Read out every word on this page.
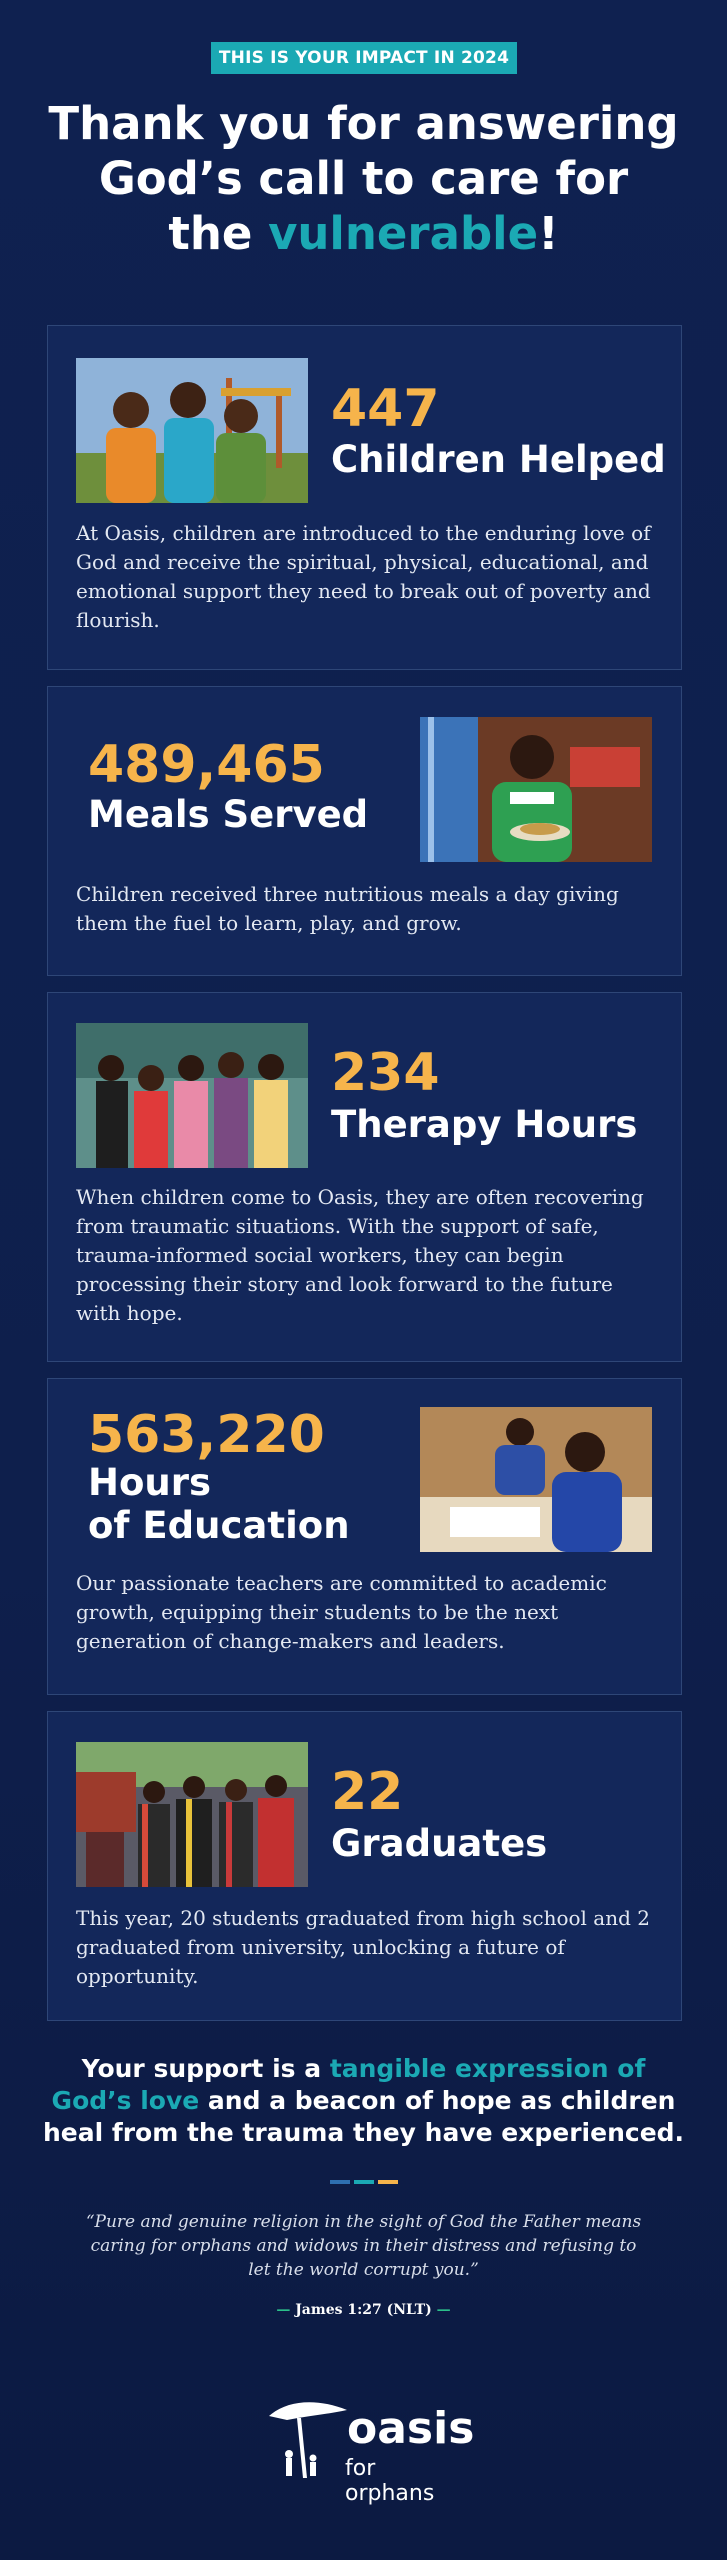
THIS IS YOUR IMPACT IN 2024
Thank you for answering
God’s call to care for
the vulnerable!
447
Children Helped

At Oasis, children are introduced to the enduring love of God and receive the spiritual, physical, educational, and emotional support they need to break out of poverty and flourish.

489,465
Meals Served

Children received three nutritious meals a day giving them the fuel to learn, play, and grow.

234
Therapy Hours

When children come to Oasis, they are often recovering from traumatic situations. With the support of safe, trauma-informed social workers, they can begin processing their story and look forward to the future with hope.

563,220
Hours
of Education

Our passionate teachers are committed to academic growth, equipping their students to be the next generation of change-makers and leaders.

22
Graduates

This year, 20 students graduated from high school and 2 graduated from university, unlocking a future of opportunity.

Your support is a tangible expression of God’s love and a beacon of hope as children heal from the trauma they have experienced.

“Pure and genuine religion in the sight of God the Father means caring for orphans and widows in their distress and refusing to let the world corrupt you.”

— James 1:27 (NLT) —

oasis
for orphans
